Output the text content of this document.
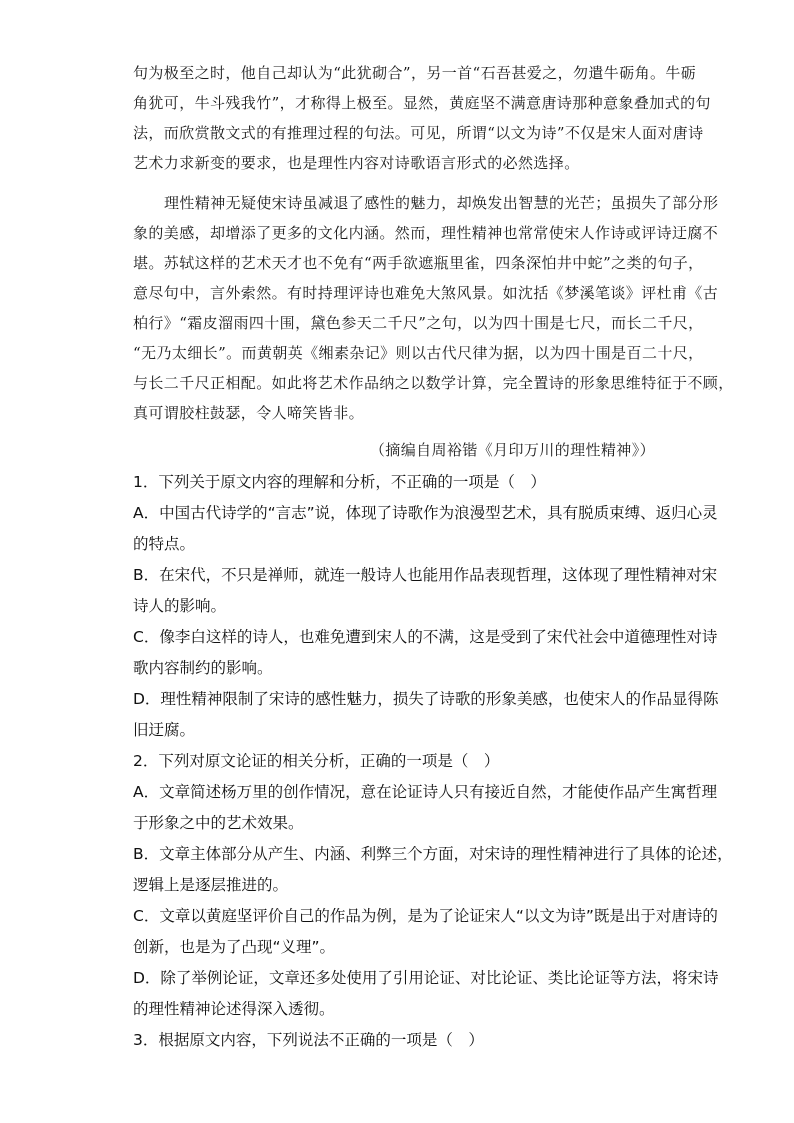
句为极至之时，他自己却认为“此犹砌合”，另一首“石吾甚爱之，勿遣牛砺角。牛砺
角犹可，牛斗残我竹”，才称得上极至。显然，黄庭坚不满意唐诗那种意象叠加式的句
法，而欣赏散文式的有推理过程的句法。可见，所谓“以文为诗”不仅是宋人面对唐诗
艺术力求新变的要求，也是理性内容对诗歌语言形式的必然选择。

理性精神无疑使宋诗虽减退了感性的魅力，却焕发出智慧的光芒；虽损失了部分形
象的美感，却增添了更多的文化内涵。然而，理性精神也常常使宋人作诗或评诗迂腐不
堪。苏轼这样的艺术天才也不免有“两手欲遮瓶里雀，四条深怕井中蛇”之类的句子，
意尽句中，言外索然。有时持理评诗也难免大煞风景。如沈括《梦溪笔谈》评杜甫《古
柏行》“霜皮溜雨四十围，黛色参天二千尺”之句，以为四十围是七尺，而长二千尺，
“无乃太细长”。而黄朝英《缃素杂记》则以古代尺律为据，以为四十围是百二十尺，
与长二千尺正相配。如此将艺术作品纳之以数学计算，完全置诗的形象思维特征于不顾，
真可谓胶柱鼓瑟，令人啼笑皆非。

（摘编自周裕锴《月印万川的理性精神》）

1．下列关于原文内容的理解和分析，不正确的一项是（　）
A．中国古代诗学的“言志”说，体现了诗歌作为浪漫型艺术，具有脱质束缚、返归心灵
的特点。
B．在宋代，不只是禅师，就连一般诗人也能用作品表现哲理，这体现了理性精神对宋
诗人的影响。
C．像李白这样的诗人，也难免遭到宋人的不满，这是受到了宋代社会中道德理性对诗
歌内容制约的影响。
D．理性精神限制了宋诗的感性魅力，损失了诗歌的形象美感，也使宋人的作品显得陈
旧迂腐。
2．下列对原文论证的相关分析，正确的一项是（　）
A．文章简述杨万里的创作情况，意在论证诗人只有接近自然，才能使作品产生寓哲理
于形象之中的艺术效果。
B．文章主体部分从产生、内涵、利弊三个方面，对宋诗的理性精神进行了具体的论述，
逻辑上是逐层推进的。
C．文章以黄庭坚评价自己的作品为例，是为了论证宋人“以文为诗”既是出于对唐诗的
创新，也是为了凸现“义理”。
D．除了举例论证，文章还多处使用了引用论证、对比论证、类比论证等方法，将宋诗
的理性精神论述得深入透彻。
3．根据原文内容，下列说法不正确的一项是（　）
